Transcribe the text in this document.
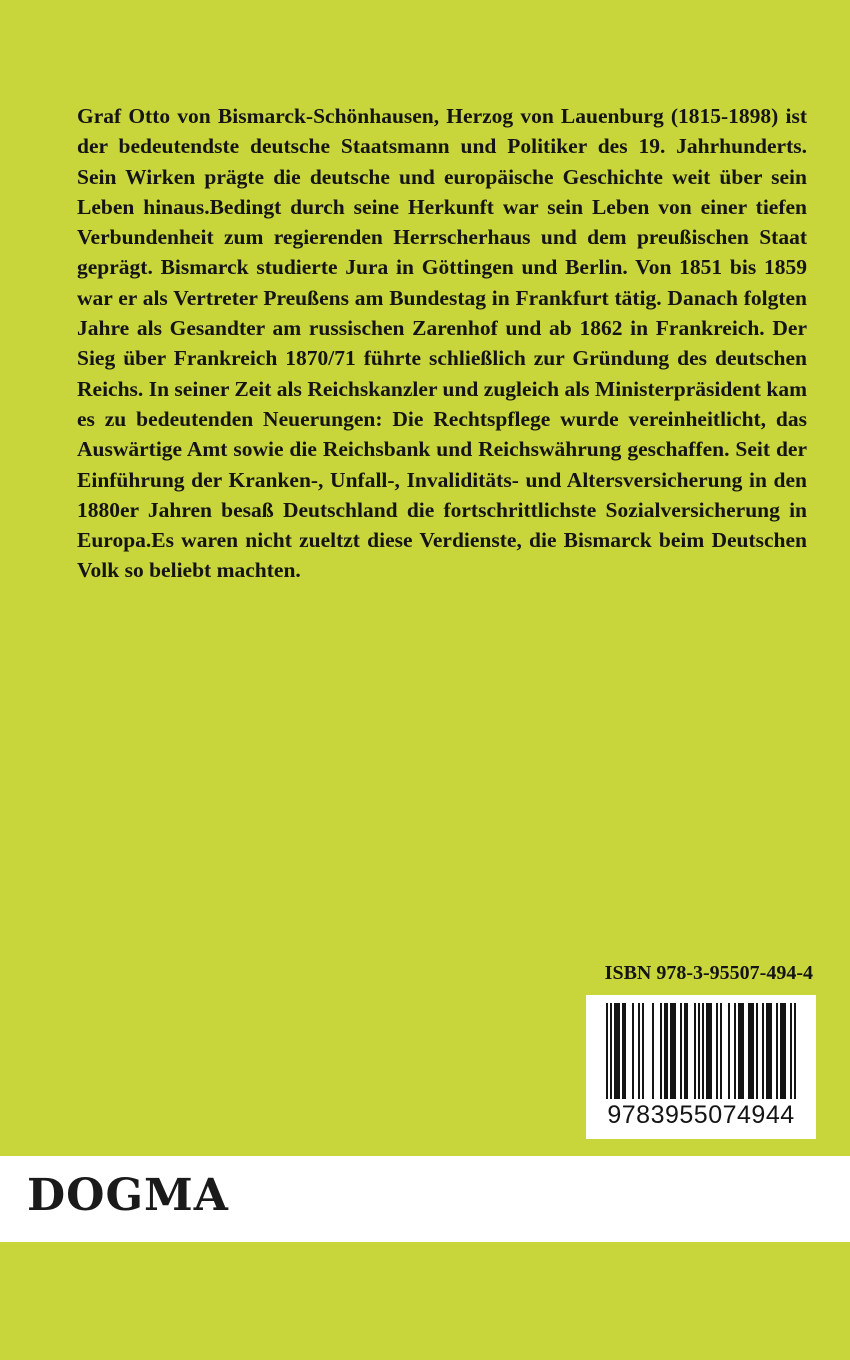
Graf Otto von Bismarck-Schönhausen, Herzog von Lauenburg (1815-1898) ist der bedeutendste deutsche Staatsmann und Politiker des 19. Jahrhunderts. Sein Wirken prägte die deutsche und europäische Geschichte weit über sein Leben hinaus.Bedingt durch seine Herkunft war sein Leben von einer tiefen Verbundenheit zum regierenden Herrscherhaus und dem preußischen Staat geprägt. Bismarck studierte Jura in Göttingen und Berlin. Von 1851 bis 1859 war er als Vertreter Preußens am Bundestag in Frankfurt tätig. Danach folgten Jahre als Gesandter am russischen Zarenhof und ab 1862 in Frankreich. Der Sieg über Frankreich 1870/71 führte schließlich zur Gründung des deutschen Reichs. In seiner Zeit als Reichskanzler und zugleich als Ministerpräsident kam es zu bedeutenden Neuerungen: Die Rechtspflege wurde vereinheitlicht, das Auswärtige Amt sowie die Reichsbank und Reichswährung geschaffen. Seit der Einführung der Kranken-, Unfall-, Invaliditäts- und Altersversicherung in den 1880er Jahren besaß Deutschland die fortschrittlichste Sozialversicherung in Europa.Es waren nicht zueltzt diese Verdienste, die Bismarck beim Deutschen Volk so beliebt machten.

ISBN 978-3-95507-494-4
9783955074944
DOGMA
